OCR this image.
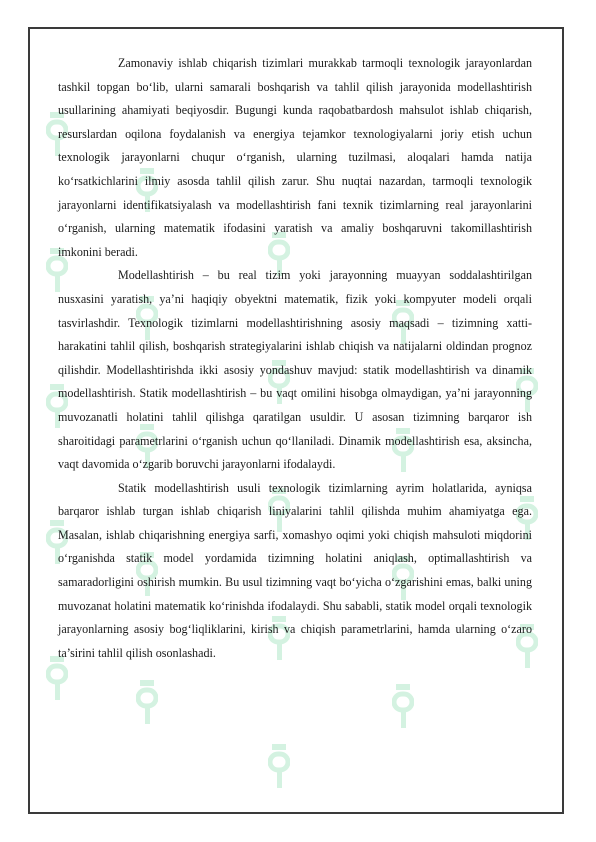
Zamonaviy ishlab chiqarish tizimlari murakkab tarmoqli texnologik jarayonlardan tashkil topgan bo‘lib, ularni samarali boshqarish va tahlil qilish jarayonida modellashtirish usullarining ahamiyati beqiyosdir. Bugungi kunda raqobatbardosh mahsulot ishlab chiqarish, resurslardan oqilona foydalanish va energiya tejamkor texnologiyalarni joriy etish uchun texnologik jarayonlarni chuqur o‘rganish, ularning tuzilmasi, aloqalari hamda natija ko‘rsatkichlarini ilmiy asosda tahlil qilish zarur. Shu nuqtai nazardan, tarmoqli texnologik jarayonlarni identifikatsiyalash va modellashtirish fani texnik tizimlarning real jarayonlarini o‘rganish, ularning matematik ifodasini yaratish va amaliy boshqaruvni takomillashtirish imkonini beradi.

Modellashtirish – bu real tizim yoki jarayonning muayyan soddalashtirilgan nusxasini yaratish, ya’ni haqiqiy obyektni matematik, fizik yoki kompyuter modeli orqali tasvirlashdir. Texnologik tizimlarni modellashtirishning asosiy maqsadi – tizimning xatti-harakatini tahlil qilish, boshqarish strategiyalarini ishlab chiqish va natijalarni oldindan prognoz qilishdir. Modellashtirishda ikki asosiy yondashuv mavjud: statik modellashtirish va dinamik modellashtirish. Statik modellashtirish – bu vaqt omilini hisobga olmaydigan, ya’ni jarayonning muvozanatli holatini tahlil qilishga qaratilgan usuldir. U asosan tizimning barqaror ish sharoitidagi parametrlarini o‘rganish uchun qo‘llaniladi. Dinamik modellashtirish esa, aksincha, vaqt davomida o‘zgarib boruvchi jarayonlarni ifodalaydi.

Statik modellashtirish usuli texnologik tizimlarning ayrim holatlarida, ayniqsa barqaror ishlab turgan ishlab chiqarish liniyalarini tahlil qilishda muhim ahamiyatga ega. Masalan, ishlab chiqarishning energiya sarfi, xomashyo oqimi yoki chiqish mahsuloti miqdorini o‘rganishda statik model yordamida tizimning holatini aniqlash, optimallashtirish va samaradorligini oshirish mumkin. Bu usul tizimning vaqt bo‘yicha o‘zgarishini emas, balki uning muvozanat holatini matematik ko‘rinishda ifodalaydi. Shu sababli, statik model orqali texnologik jarayonlarning asosiy bog‘liqliklarini, kirish va chiqish parametrlarini, hamda ularning o‘zaro ta’sirini tahlil qilish osonlashadi.
